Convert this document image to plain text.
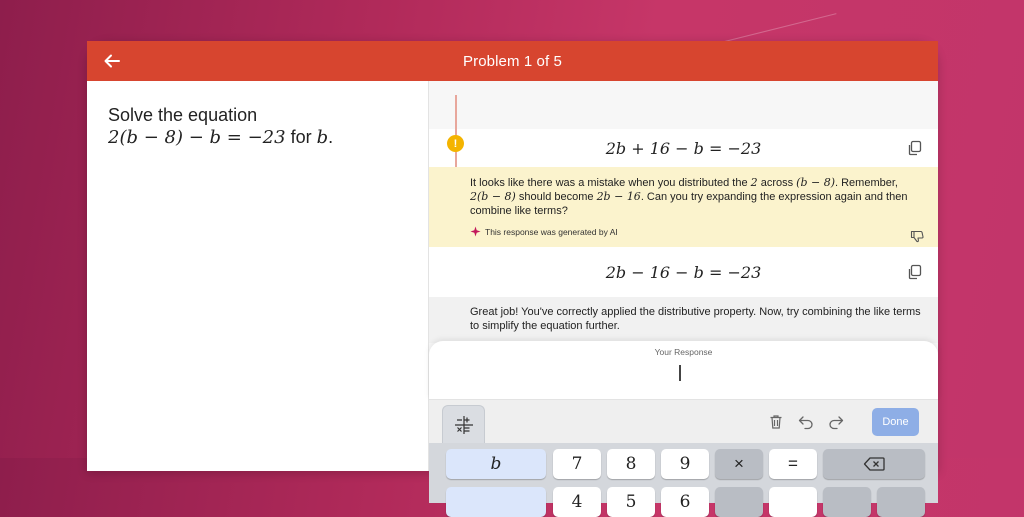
Problem 1 of 5
Solve the equation
2(b − 8) − b = −23 for b.
2b + 16 − b = −23
!

It looks like there was a mistake when you distributed the 2 across (b − 8). Remember,
2(b − 8) should become 2b − 16. Can you try expanding the expression again and then
combine like terms?

This response was generated by AI
2b − 16 − b = −23

Great job! You've correctly applied the distributive property. Now, try combining the like terms to simplify the equation further.

Your Response
Done
b	7	8	9	×	=
4	5	6
